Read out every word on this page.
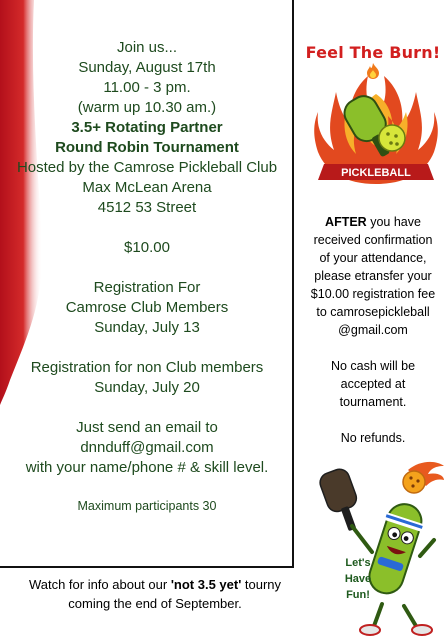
Join us...
Sunday, August 17th
11.00 - 3 pm.
(warm up 10.30 am.)
3.5+ Rotating Partner
Round Robin Tournament
Hosted by the Camrose Pickleball Club
Max McLean Arena
4512 53 Street
$10.00
Registration For
Camrose Club Members
Sunday, July 13
Registration for non Club members
Sunday, July 20
Just send an email to
dnnduff@gmail.com
with your name/phone # & skill level.
Maximum participants 30
Watch for info about our 'not 3.5 yet' tourny
coming the end of September.
Feel The Burn!
PICKLEBALL
AFTER you have
received confirmation
of your attendance,
please etransfer your
$10.00 registration fee
to camrosepickleball
@gmail.com
No cash will be
accepted at
tournament.
No refunds.
Let's
Have
Fun!
